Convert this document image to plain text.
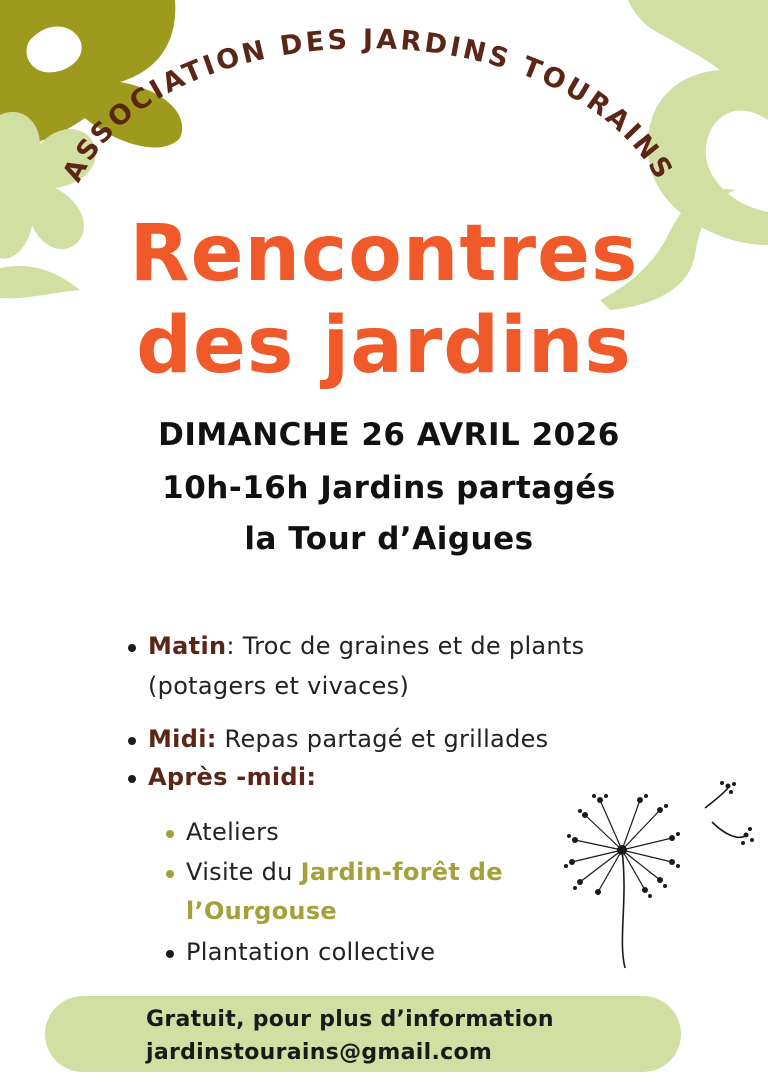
ASSOCIATION DES JARDINS TOURAINS
Rencontres
des jardins
DIMANCHE 26 AVRIL 2026
10h-16h Jardins partagés
la Tour d’Aigues
Matin: Troc de graines et de plants
(potagers et vivaces)
Midi: Repas partagé et grillades
Après -midi:
Ateliers
Visite du Jardin-forêt de
l’Ourgouse
Plantation collective
Gratuit, pour plus d’information
jardinstourains@gmail.com
